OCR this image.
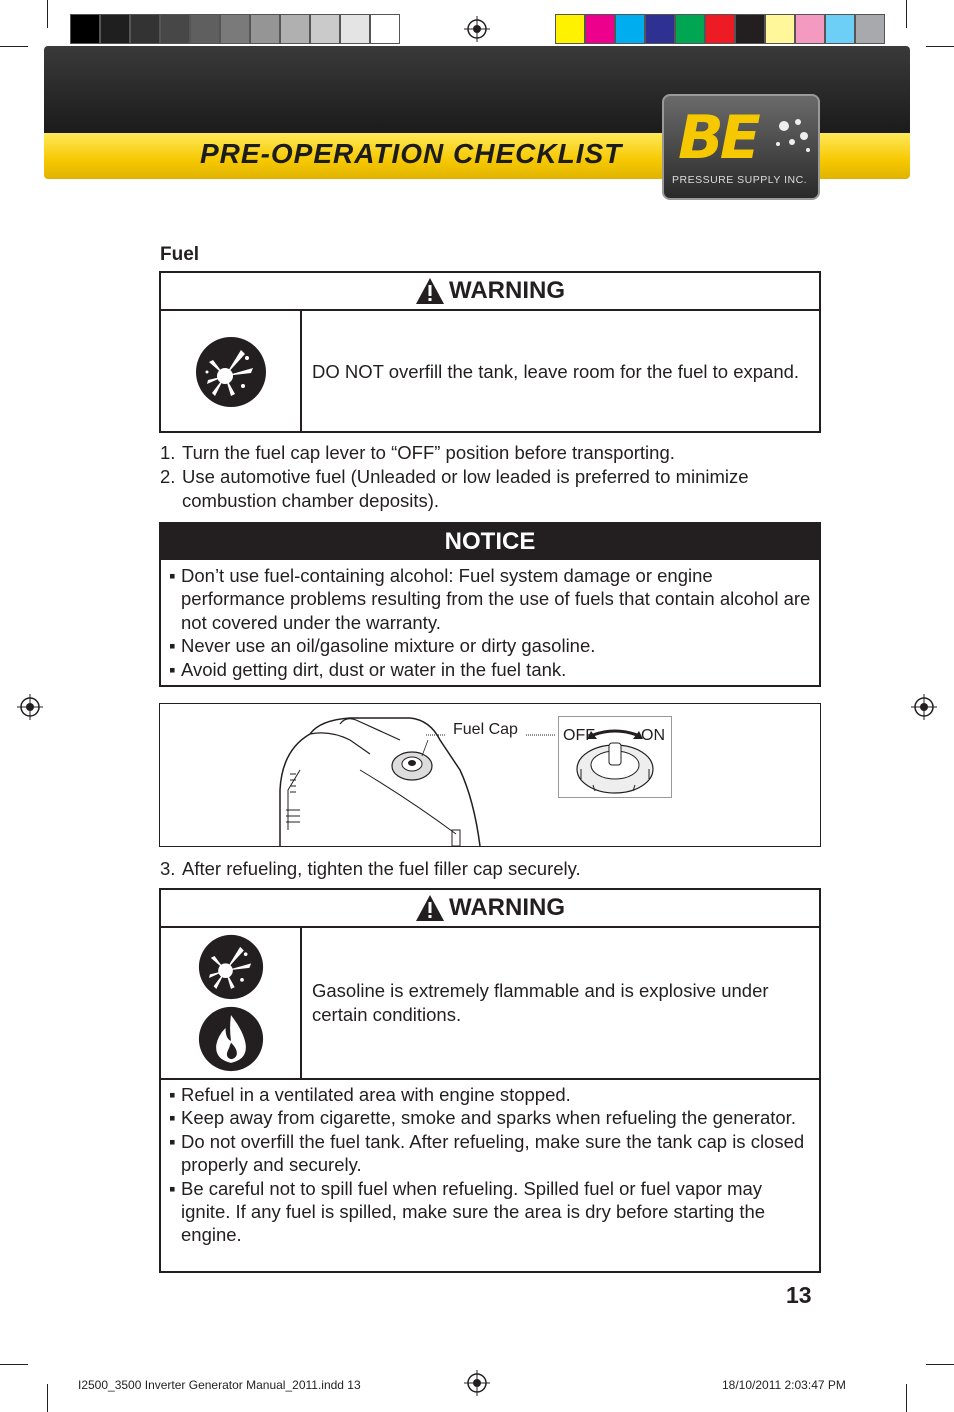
PRE-OPERATION CHECKLIST BE
PRESSURE SUPPLY INC.
Fuel
WARNING
DO NOT overfill the tank, leave room for the fuel to expand.
1. Turn the fuel cap lever to “OFF” position before transporting.
2. Use automotive fuel (Unleaded or low leaded is preferred to minimize combustion chamber deposits).
NOTICE
▪ Don’t use fuel-containing alcohol: Fuel system damage or engine performance problems resulting from the use of fuels that contain alcohol are not covered under the warranty.
▪ Never use an oil/gasoline mixture or dirty gasoline.
▪ Avoid getting dirt, dust or water in the fuel tank.
Fuel Cap	OFF	ON
3. After refueling, tighten the fuel filler cap securely.
WARNING
Gasoline is extremely flammable and is explosive under certain conditions.
▪ Refuel in a ventilated area with engine stopped.
▪ Keep away from cigarette, smoke and sparks when refueling the generator.
▪ Do not overfill the fuel tank. After refueling, make sure the tank cap is closed properly and securely.
▪ Be careful not to spill fuel when refueling. Spilled fuel or fuel vapor may ignite. If any fuel is spilled, make sure the area is dry before starting the engine.
13
I2500_3500 Inverter Generator Manual_2011.indd 13	18/10/2011 2:03:47 PM
